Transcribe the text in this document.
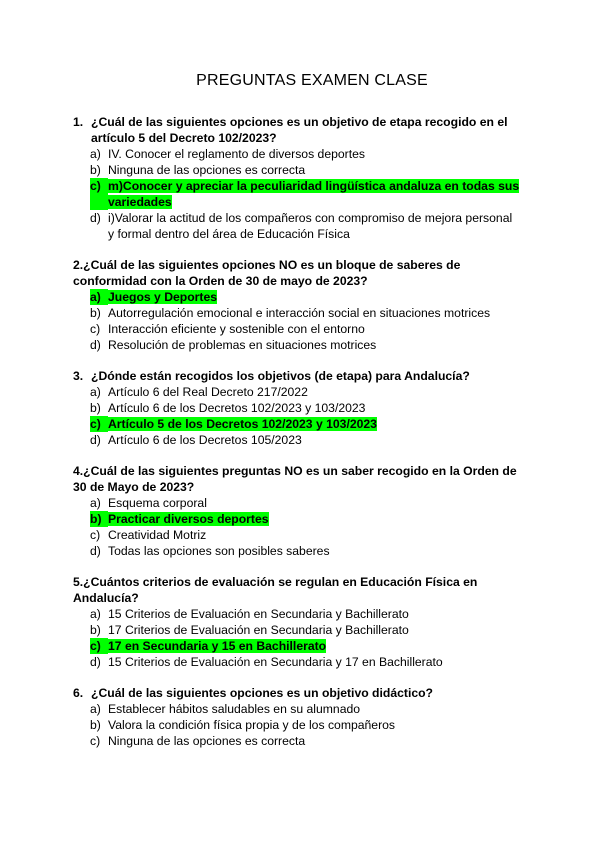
PREGUNTAS EXAMEN CLASE
1. ¿Cuál de las siguientes opciones es un objetivo de etapa recogido en el artículo 5 del Decreto 102/2023?
a) IV. Conocer el reglamento de diversos deportes
b) Ninguna de las opciones es correcta
c) m)Conocer y apreciar la peculiaridad lingüística andaluza en todas sus variedades
d) i)Valorar la actitud de los compañeros con compromiso de mejora personal y formal dentro del área de Educación Física
2.¿Cuál de las siguientes opciones NO es un bloque de saberes de conformidad con la Orden de 30 de mayo de 2023?
a) Juegos y Deportes
b) Autorregulación emocional e interacción social en situaciones motrices
c) Interacción eficiente y sostenible con el entorno
d) Resolución de problemas en situaciones motrices
3. ¿Dónde están recogidos los objetivos (de etapa) para Andalucía?
a) Artículo 6 del Real Decreto 217/2022
b) Artículo 6 de los Decretos 102/2023 y 103/2023
c) Artículo 5 de los Decretos 102/2023 y 103/2023
d) Artículo 6 de los Decretos 105/2023
4.¿Cuál de las siguientes preguntas NO es un saber recogido en la Orden de 30 de Mayo de 2023?
a) Esquema corporal
b) Practicar diversos deportes
c) Creatividad Motriz
d) Todas las opciones son posibles saberes
5.¿Cuántos criterios de evaluación se regulan en Educación Física en Andalucía?
a) 15 Criterios de Evaluación en Secundaria y Bachillerato
b) 17 Criterios de Evaluación en Secundaria y Bachillerato
c) 17 en Secundaria y 15 en Bachillerato
d) 15 Criterios de Evaluación en Secundaria y 17 en Bachillerato
6. ¿Cuál de las siguientes opciones es un objetivo didáctico?
a) Establecer hábitos saludables en su alumnado
b) Valora la condición física propia y de los compañeros
c) Ninguna de las opciones es correcta
